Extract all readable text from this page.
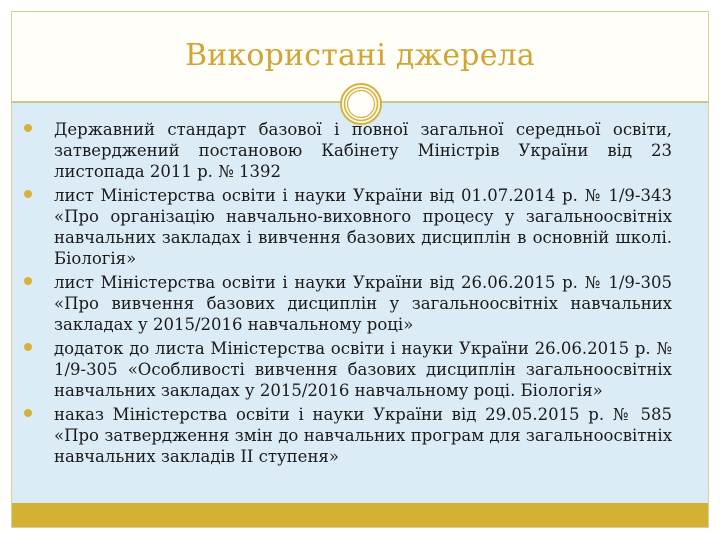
Використані джерела
Державний стандарт базової і повної загальної середньої освіти, затверджений постановою Кабінету Міністрів України від 23 листопада 2011 р. № 1392
лист Міністерства освіти і науки України від 01.07.2014 р. № 1/9-343 «Про організацію навчально-виховного процесу у загальноосвітніх навчальних закладах і вивчення базових дисциплін в основній школі. Біологія»
лист Міністерства освіти і науки України від 26.06.2015 р. № 1/9-305 «Про вивчення базових дисциплін у загальноосвітніх навчальних закладах у 2015/2016 навчальному році»
додаток до листа Міністерства освіти і науки України 26.06.2015 р. № 1/9-305 «Особливості вивчення базових дисциплін загальноосвітніх навчальних закладах у 2015/2016 навчальному році. Біологія»
наказ Міністерства освіти і науки України від 29.05.2015 р. № 585 «Про затвердження змін до навчальних програм для загальноосвітніх навчальних закладів ІІ ступеня»
